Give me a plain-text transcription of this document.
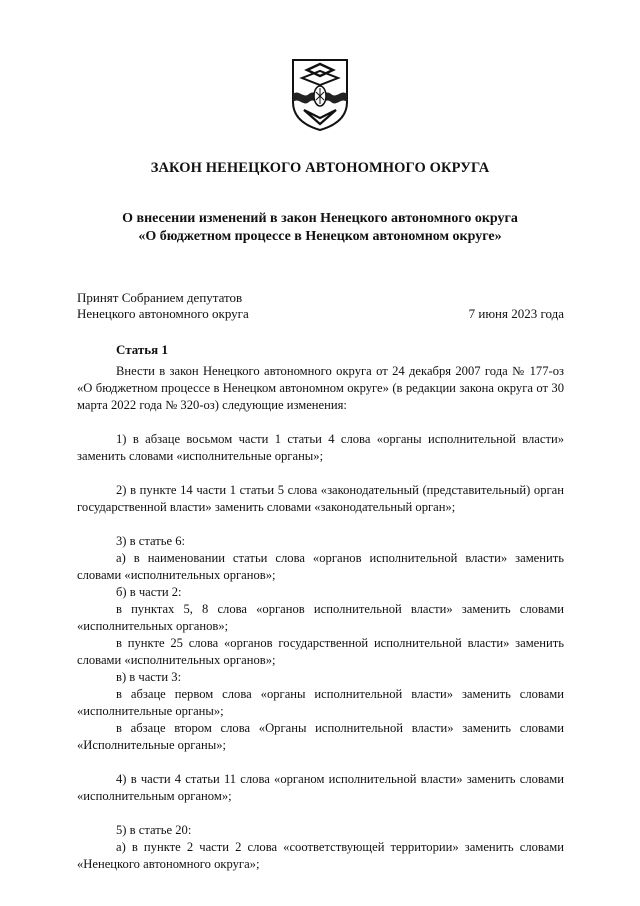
ЗАКОН НЕНЕЦКОГО АВТОНОМНОГО ОКРУГА
О внесении изменений в закон Ненецкого автономного округа
«О бюджетном процессе в Ненецком автономном округе»
Принят Собранием депутатов
Ненецкого автономного округа	7 июня 2023 года
Статья 1

Внести в закон Ненецкого автономного округа от 24 декабря 2007 года № 177-оз «О бюджетном процессе в Ненецком автономном округе» (в редакции закона округа от 30 марта 2022 года № 320-оз) следующие изменения:

1) в абзаце восьмом части 1 статьи 4 слова «органы исполнительной власти» заменить словами «исполнительные органы»;

2) в пункте 14 части 1 статьи 5 слова «законодательный (представительный) орган государственной власти» заменить словами «законодательный орган»;

3) в статье 6:

а) в наименовании статьи слова «органов исполнительной власти» заменить словами «исполнительных органов»;

б) в части 2:

в пунктах 5, 8 слова «органов исполнительной власти» заменить словами «исполнительных органов»;

в пункте 25 слова «органов государственной исполнительной власти» заменить словами «исполнительных органов»;

в) в части 3:

в абзаце первом слова «органы исполнительной власти» заменить словами «исполнительные органы»;

в абзаце втором слова «Органы исполнительной власти» заменить словами «Исполнительные органы»;

4) в части 4 статьи 11 слова «органом исполнительной власти» заменить словами «исполнительным органом»;

5) в статье 20:

а) в пункте 2 части 2 слова «соответствующей территории» заменить словами «Ненецкого автономного округа»;
